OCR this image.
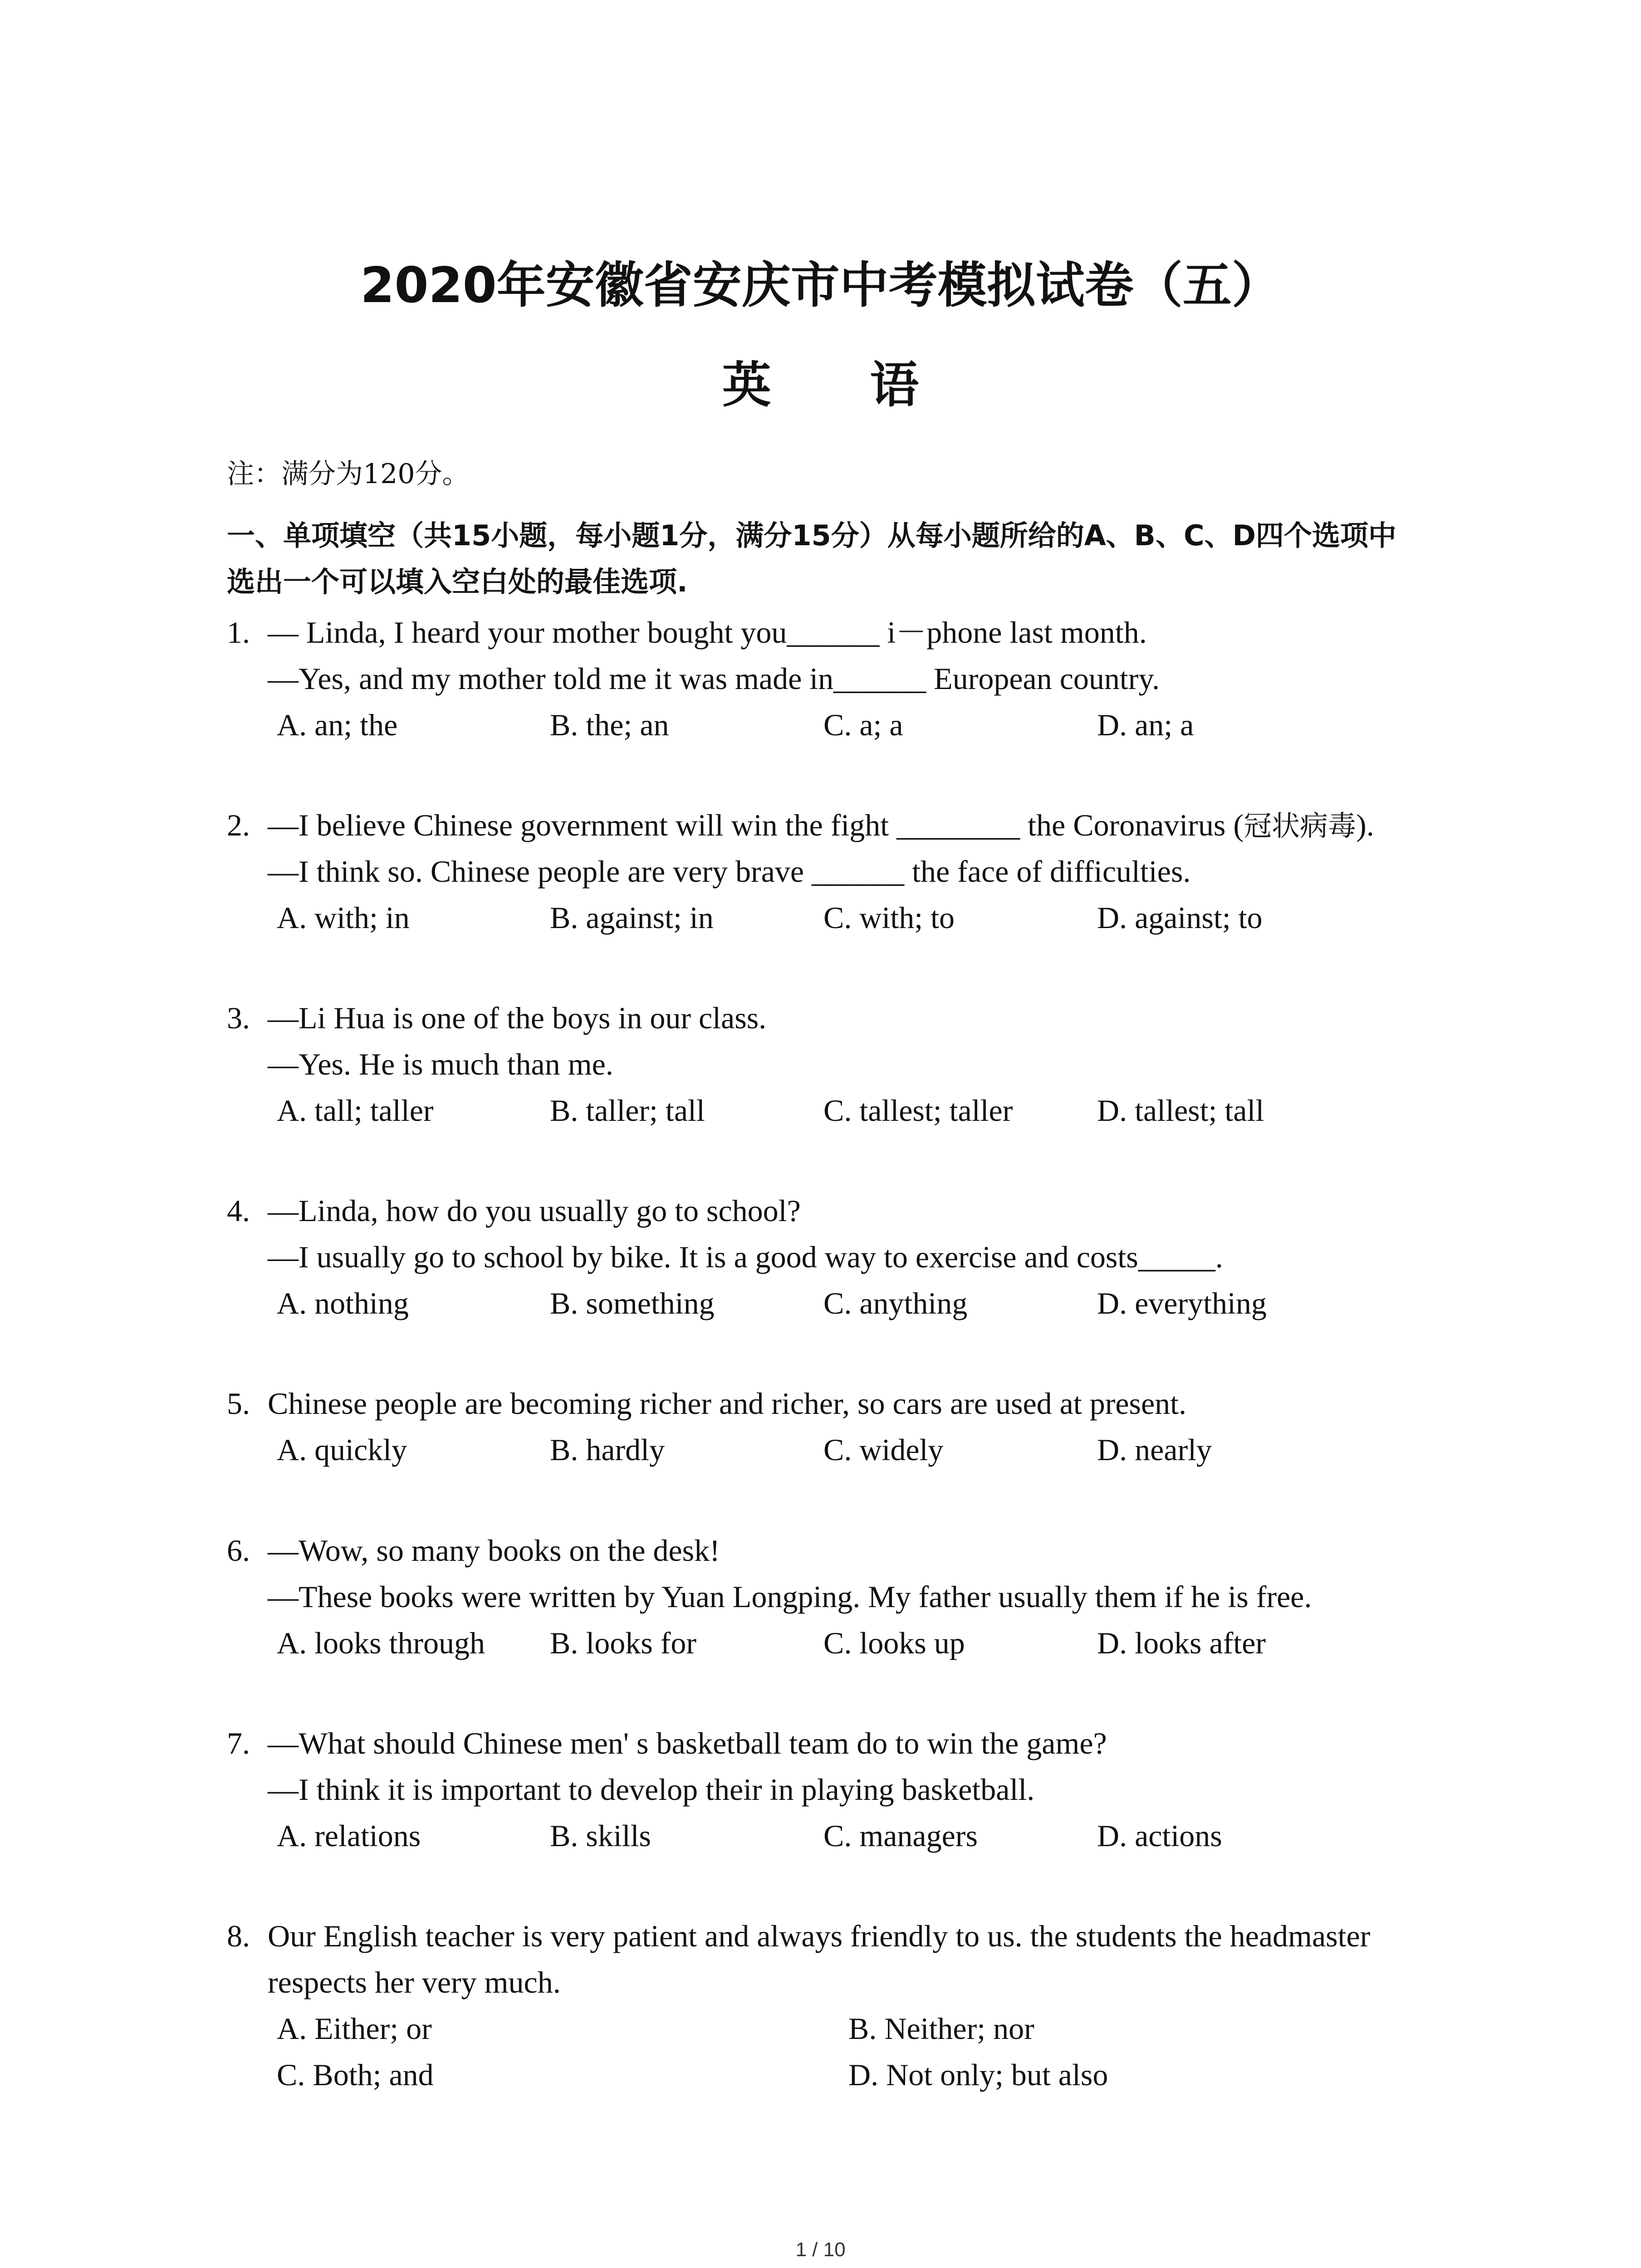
2020年安徽省安庆市中考模拟试卷（五）
英 语
注：满分为120分。
一、单项填空（共15小题，每小题1分，满分15分）从每小题所给的A、B、C、D四个选项中
选出一个可以填入空白处的最佳选项.
1. — Linda, I heard your mother bought you______ i－phone last month.
—Yes, and my mother told me it was made in______ European country.
A. an; the	B. the; an	C. a; a	D. an; a
2. —I believe Chinese government will win the fight ________ the Coronavirus (冠状病毒).
—I think so. Chinese people are very brave ______ the face of difficulties.
A. with; in	B. against; in	C. with; to	D. against; to
3. —Li Hua is one of the boys in our class.
—Yes. He is much than me.
A. tall; taller	B. taller; tall	C. tallest; taller	D. tallest; tall
4. —Linda, how do you usually go to school?
—I usually go to school by bike. It is a good way to exercise and costs_____.
A. nothing	B. something	C. anything	D. everything
5. Chinese people are becoming richer and richer, so cars are used at present.
A. quickly	B. hardly	C. widely	D. nearly
6. —Wow, so many books on the desk!
—These books were written by Yuan Longping. My father usually them if he is free.
A. looks through B. looks for	C. looks up	D. looks after
7. —What should Chinese men' s basketball team do to win the game?
—I think it is important to develop their in playing basketball.
A. relations	B. skills	C. managers	D. actions
8. Our English teacher is very patient and always friendly to us. the students the headmaster
respects her very much.
A. Either; or	B. Neither; nor
C. Both; and	D. Not only; but also
1 / 10
